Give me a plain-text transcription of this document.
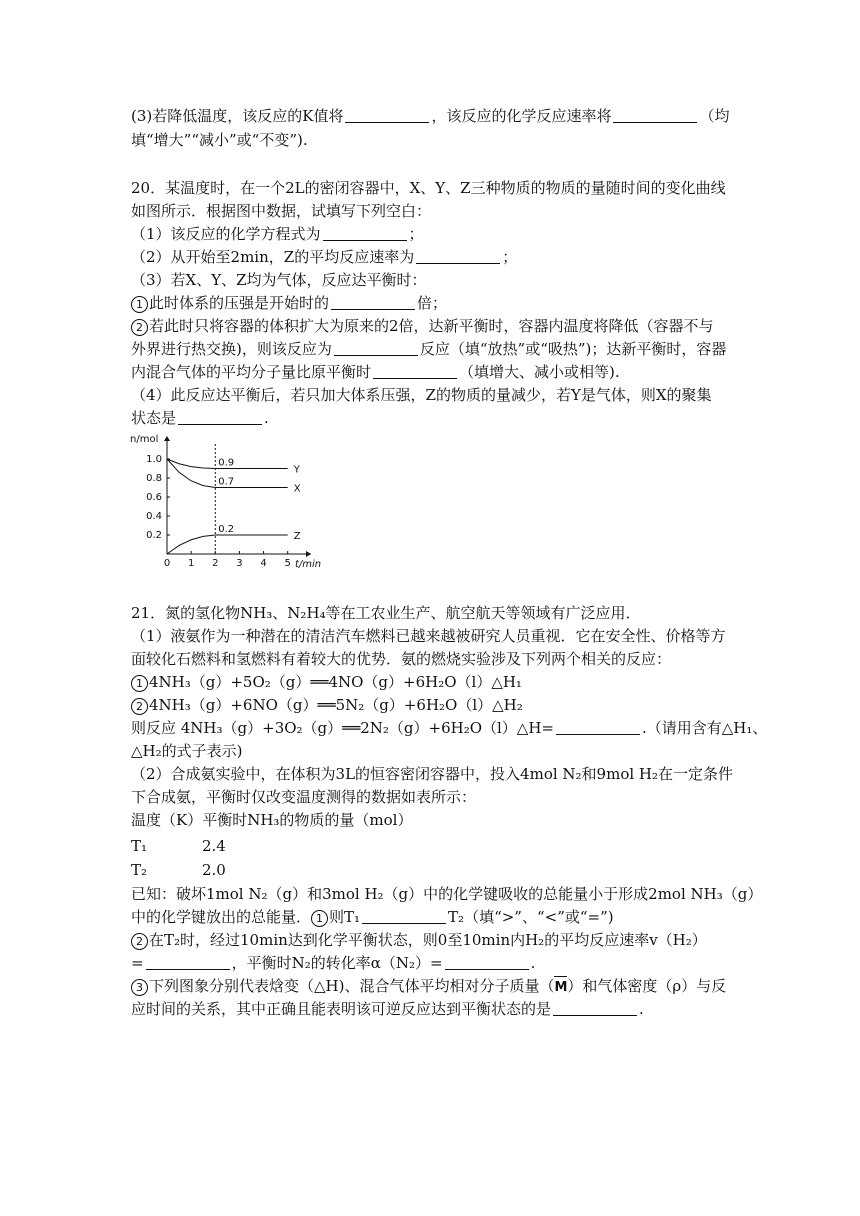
(3)若降低温度，该反应的K值将	，该反应的化学反应速率将	（均
填“增大”“减小”或“不变”).
20．某温度时，在一个2L的密闭容器中，X、Y、Z三种物质的物质的量随时间的变化曲线
如图所示．根据图中数据，试填写下列空白：
（1）该反应的化学方程式为	；
（2）从开始至2min，Z的平均反应速率为	；
（3）若X、Y、Z均为气体，反应达平衡时：
1 此时体系的压强是开始时的	倍；
2 若此时只将容器的体积扩大为原来的2倍，达新平衡时，容器内温度将降低（容器不与
外界进行热交换)，则该反应为	反应（填“放热”或“吸热”)；达新平衡时，容器
内混合气体的平均分子量比原平衡时	（填增大、减小或相等).
（4）此反应达平衡后，若只加大体系压强，Z的物质的量减少，若Y是气体，则X的聚集
状态是	.
n/mol
t/min
0.2
0.4
0.6
0.8
1.0
0 1 2 3 4 5
Y
0.9
X
0.7
Z
0.2
21．氮的氢化物NH₃、N₂H₄等在工农业生产、航空航天等领域有广泛应用．
（1）液氨作为一种潜在的清洁汽车燃料已越来越被研究人员重视．它在安全性、价格等方
面较化石燃料和氢燃料有着较大的优势．氨的燃烧实验涉及下列两个相关的反应：
1 4NH₃（g）+5O₂（g）══4NO（g）+6H₂O（l）△H₁
2 4NH₃（g）+6NO（g）══5N₂（g）+6H₂O（l）△H₂
则反应 4NH₃（g）+3O₂（g）══2N₂（g）+6H₂O（l）△H=	.（请用含有△H₁、
△H₂的式子表示)
（2）合成氨实验中，在体积为3L的恒容密闭容器中，投入4mol N₂和9mol H₂在一定条件
下合成氨，平衡时仅改变温度测得的数据如表所示：
温度（K）平衡时NH₃的物质的量（mol）
T₁	2.4
T₂	2.0
已知：破坏1mol N₂（g）和3mol H₂（g）中的化学键吸收的总能量小于形成2mol NH₃（g）
中的化学键放出的总能量． 1 则T₁	T₂（填“>”、“<”或“=”)
2 在T₂时，经过10min达到化学平衡状态，则0至10min内H₂的平均反应速率v（H₂）
=	，平衡时N₂的转化率α（N₂）=	.
3 下列图象分别代表焓变（△H)、混合气体平均相对分子质量（M）和气体密度（ρ）与反
应时间的关系，其中正确且能表明该可逆反应达到平衡状态的是	.
